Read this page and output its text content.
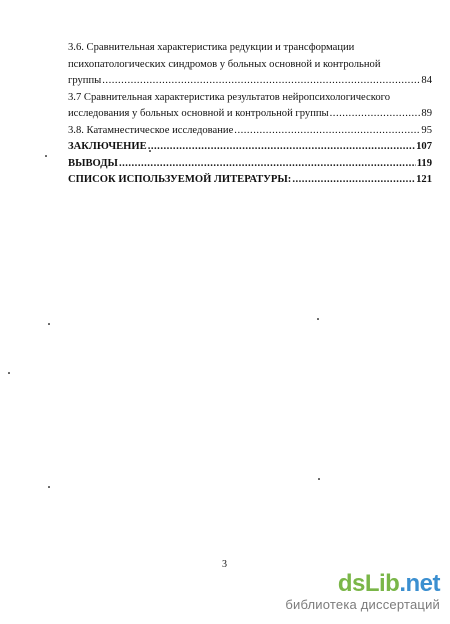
3.6. Сравнительная характеристика редукции и трансформации
психопатологических синдромов у больных основной и контрольной
группы .....	84
3.7 Сравнительная характеристика результатов нейропсихологического
исследования у больных основной и контрольной группы .....	89
3.8. Катамнестическое исследование .....	95
ЗАКЛЮЧЕНИЕ .....	107
ВЫВОДЫ .....	119
СПИСОК ИСПОЛЬЗУЕМОЙ ЛИТЕРАТУРЫ: .....	121
3
dsLib.net
библиотека диссертаций
